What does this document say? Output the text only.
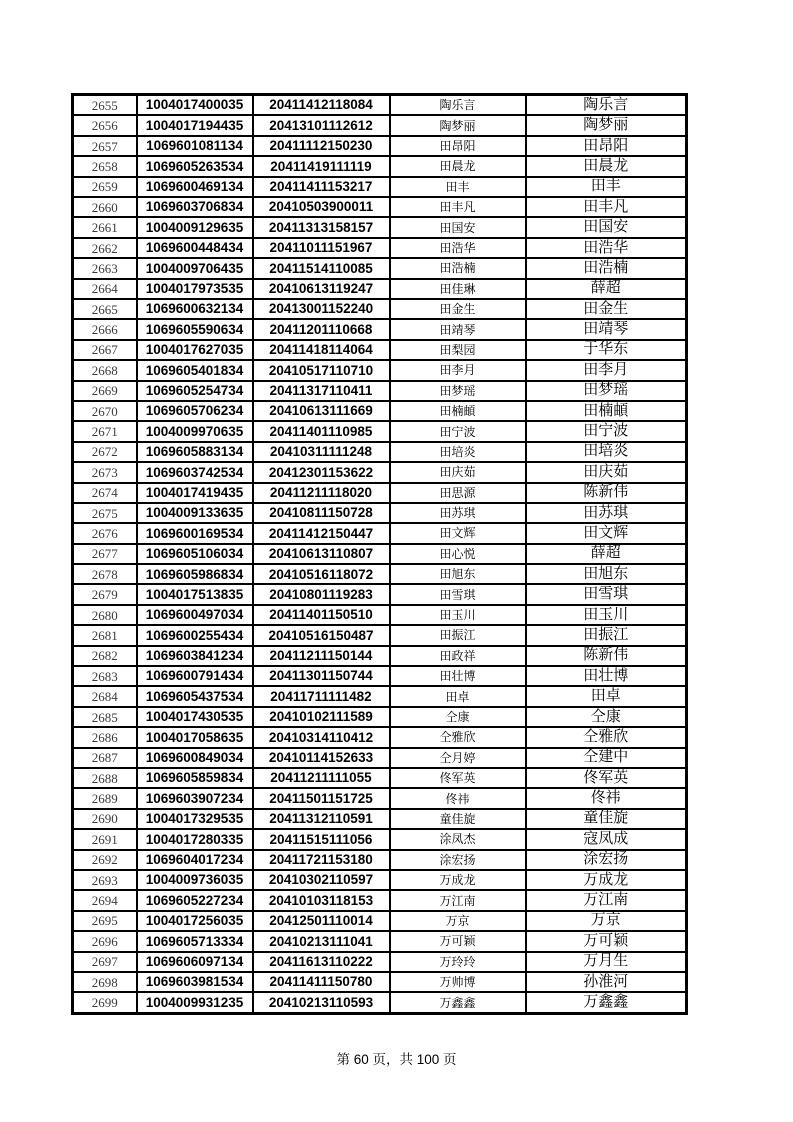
2655	1004017400035	20411412118084	陶乐言	陶乐言
2656	1004017194435	20413101112612	陶梦丽	陶梦丽
2657	1069601081134	20411112150230	田昂阳	田昂阳
2658	1069605263534	20411419111119	田晨龙	田晨龙
2659	1069600469134	20411411153217	田丰	田丰
2660	1069603706834	20410503900011	田丰凡	田丰凡
2661	1004009129635	20411313158157	田国安	田国安
2662	1069600448434	20411011151967	田浩华	田浩华
2663	1004009706435	20411514110085	田浩楠	田浩楠
2664	1004017973535	20410613119247	田佳琳	薛超
2665	1069600632134	20413001152240	田金生	田金生
2666	1069605590634	20411201110668	田靖琴	田靖琴
2667	1004017627035	20411418114064	田梨园	于华东
2668	1069605401834	20410517110710	田李月	田李月
2669	1069605254734	20411317110411	田梦瑶	田梦瑶
2670	1069605706234	20410613111669	田楠頔	田楠頔
2671	1004009970635	20411401110985	田宁波	田宁波
2672	1069605883134	20410311111248	田培炎	田培炎
2673	1069603742534	20412301153622	田庆茹	田庆茹
2674	1004017419435	20411211118020	田思源	陈新伟
2675	1004009133635	20410811150728	田苏琪	田苏琪
2676	1069600169534	20411412150447	田文辉	田文辉
2677	1069605106034	20410613110807	田心悦	薛超
2678	1069605986834	20410516118072	田旭东	田旭东
2679	1004017513835	20410801119283	田雪琪	田雪琪
2680	1069600497034	20411401150510	田玉川	田玉川
2681	1069600255434	20410516150487	田振江	田振江
2682	1069603841234	20411211150144	田政祥	陈新伟
2683	1069600791434	20411301150744	田壮博	田壮博
2684	1069605437534	20411711111482	田卓	田卓
2685	1004017430535	20410102111589	仝康	仝康
2686	1004017058635	20410314110412	仝雅欣	仝雅欣
2687	1069600849034	20410114152633	仝月婷	仝建中
2688	1069605859834	20411211111055	佟军英	佟军英
2689	1069603907234	20411501151725	佟祎	佟祎
2690	1004017329535	20411312110591	童佳旋	童佳旋
2691	1004017280335	20411515111056	涂凤杰	寇凤成
2692	1069604017234	20411721153180	涂宏扬	涂宏扬
2693	1004009736035	20410302110597	万成龙	万成龙
2694	1069605227234	20410103118153	万江南	万江南
2695	1004017256035	20412501110014	万京	万京
2696	1069605713334	20410213111041	万可颖	万可颖
2697	1069606097134	20411613110222	万玲玲	万月生
2698	1069603981534	20411411150780	万帅博	孙淮河
2699	1004009931235	20410213110593	万鑫鑫	万鑫鑫
第 60 页，共 100 页
